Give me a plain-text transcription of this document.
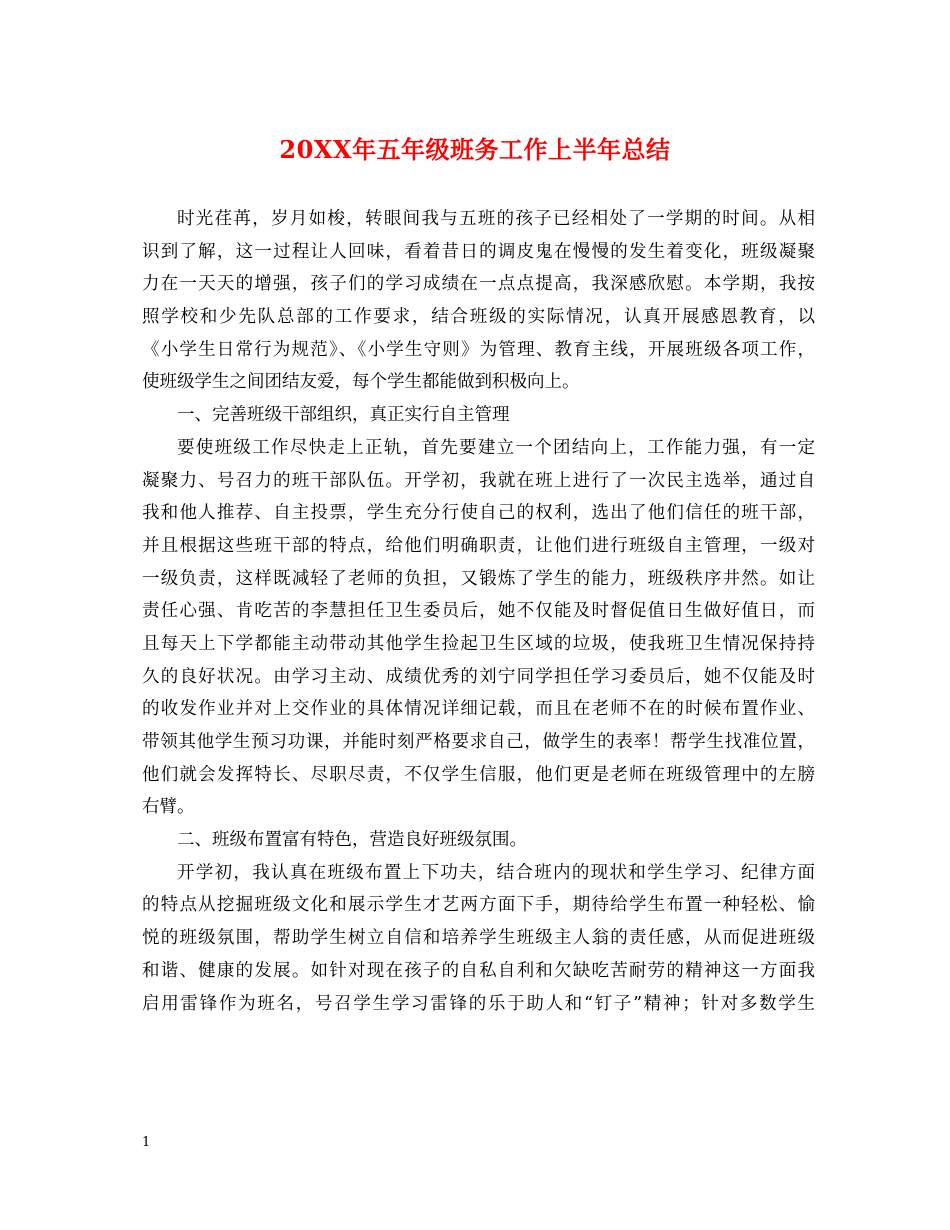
20XX年五年级班务工作上半年总结
时光荏苒，岁月如梭，转眼间我与五班的孩子已经相处了一学期的时间。从相
识到了解，这一过程让人回味，看着昔日的调皮鬼在慢慢的发生着变化，班级凝聚
力在一天天的增强，孩子们的学习成绩在一点点提高，我深感欣慰。本学期，我按
照学校和少先队总部的工作要求，结合班级的实际情况，认真开展感恩教育，以
《小学生日常行为规范》、《小学生守则》为管理、教育主线，开展班级各项工作，
使班级学生之间团结友爱，每个学生都能做到积极向上。
一、完善班级干部组织，真正实行自主管理
要使班级工作尽快走上正轨，首先要建立一个团结向上，工作能力强，有一定
凝聚力、号召力的班干部队伍。开学初，我就在班上进行了一次民主选举，通过自
我和他人推荐、自主投票，学生充分行使自己的权利，选出了他们信任的班干部，
并且根据这些班干部的特点，给他们明确职责，让他们进行班级自主管理，一级对
一级负责，这样既减轻了老师的负担，又锻炼了学生的能力，班级秩序井然。如让
责任心强、肯吃苦的李慧担任卫生委员后，她不仅能及时督促值日生做好值日，而
且每天上下学都能主动带动其他学生捡起卫生区域的垃圾，使我班卫生情况保持持
久的良好状况。由学习主动、成绩优秀的刘宁同学担任学习委员后，她不仅能及时
的收发作业并对上交作业的具体情况详细记载，而且在老师不在的时候布置作业、
带领其他学生预习功课，并能时刻严格要求自己，做学生的表率！帮学生找准位置，
他们就会发挥特长、尽职尽责，不仅学生信服，他们更是老师在班级管理中的左膀
右臂。
二、班级布置富有特色，营造良好班级氛围。
开学初，我认真在班级布置上下功夫，结合班内的现状和学生学习、纪律方面
的特点从挖掘班级文化和展示学生才艺两方面下手，期待给学生布置一种轻松、愉
悦的班级氛围，帮助学生树立自信和培养学生班级主人翁的责任感，从而促进班级
和谐、健康的发展。如针对现在孩子的自私自利和欠缺吃苦耐劳的精神这一方面我
启用雷锋作为班名，号召学生学习雷锋的乐于助人和“钉子”精神；针对多数学生
1
